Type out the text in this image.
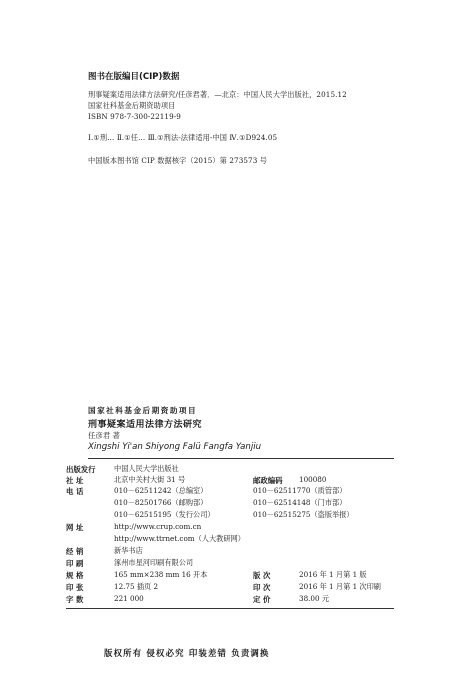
图书在版编目(CIP)数据
刑事疑案适用法律方法研究/任彦君著．—北京：中国人民大学出版社，2015.12
国家社科基金后期资助项目
ISBN 978-7-300-22119-9
Ⅰ.①刑… Ⅱ.①任… Ⅲ.①刑法-法律适用-中国 Ⅳ.①D924.05
中国版本图书馆 CIP 数据核字（2015）第 273573 号
国家社科基金后期资助项目
刑事疑案适用法律方法研究
任彦君 著
Xingshi Yi'an Shiyong Falü Fangfa Yanjiu
出版发行	中国人民大学出版社
社 址	北京中关村大街 31 号	邮政编码 100080
电 话	010－62511242（总编室）	010－62511770（质管部）
010－82501766（邮购部）	010－62514148（门市部）
010－62515195（发行公司）	010－62515275（盗版举报）
网 址	http://www.crup.com.cn
http://www.ttrnet.com（人大教研网）
经 销	新华书店
印 刷	涿州市星河印刷有限公司
规 格	165 mm×238 mm 16 开本	版 次	2016 年 1 月第 1 版
印 张	12.75 插页 2	印 次	2016 年 1 月第 1 次印刷
字 数	221 000	定 价	38.00 元
版权所有 侵权必究 印装差错 负责调换
